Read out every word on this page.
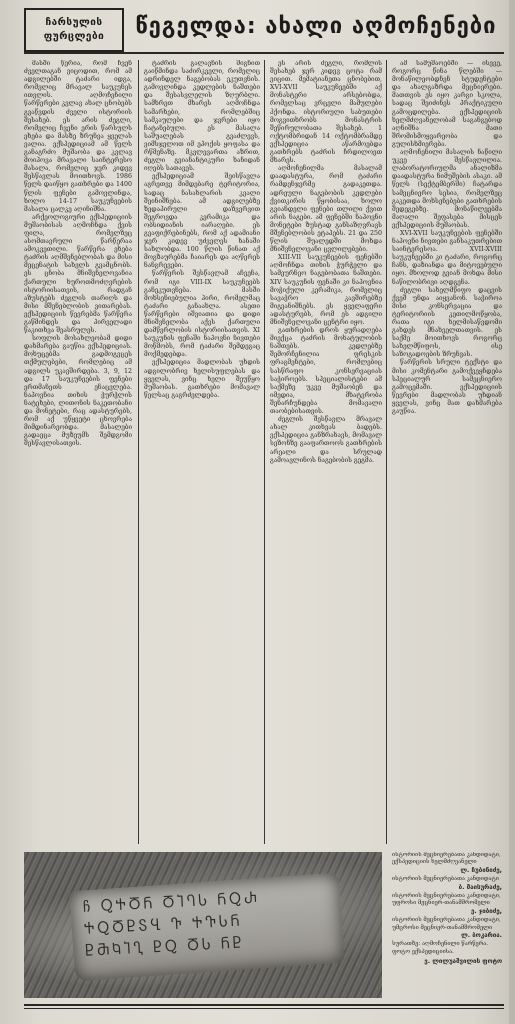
ჩარსულის
ფურცლები წეგელდა: ახალი აღმოჩენები

მასში წერია, რომ ჩვენ ძველთაგან ვიცოდით, რომ ამ ადგილებში ტაძარი იდგა, რომელიც მრავალ საუკუნეს ითვლის. აღმოჩენილი წარწერები კვლავ ახალ ცნობებს გვაწვდის ძველი ისტორიის შესახებ. ეს არის ძეგლი, რომელიც ჩვენი ერის წარსულს ეხება და მასზე ზრუნვა ყველას ვალია. ექსპედიციამ ამ წელს განაგრძო მუშაობა და კვლავ მოიპოვა მრავალი საინტერესო მასალა, რომელიც ჯერ კიდევ შესწავლას მოითხოვს. 1986 წელს დაიწყო გათხრები და 1400 წლის ფენები გამოვლინდა, ხოლო 14-17 საუკუნეების მასალა ცალკე აღინიშნა.

არქეოლოგიური ექსპედიციის მუშაობისას აღმოჩნდა ქვის ფილა, რომელზეც ასომთავრული წარწერაა ამოკვეთილი. წარწერა ეხება ტაძრის აღმშენებლობას და მისი მეცენატის სახელს გვამცნობს. ეს ცნობა მნიშვნელოვანია ქართული ხუროთმოძღვრების ისტორიისათვის, რადგან აზუსტებს ძეგლის თარიღს და მისი მშენებლობის ვითარებას. ექსპედიციის წევრებმა წარწერა გაწმინდეს და პირველადი წაკითხვა შეასრულეს.

სოფლის მოსახლეობამ დიდი დახმარება გაუწია ექსპედიციას. მოხუცებმა გადმოგვცეს თქმულებები, რომლებიც ამ ადგილს უკავშირდება. 3, 9, 12 და 17 საუკუნეების ფენები ერთმანეთს ენაცვლება. ნაპოვნია თიხის ჭურჭლის ნატეხები, ლითონის ნაკეთობანი და მონეტები, რაც ადასტურებს, რომ აქ უწყვეტი ცხოვრება მიმდინარეობდა. მასალები გადაეცა მუზეუმს შემდგომი შესწავლისათვის.

ტაძრის გალავნის შიგნით გაიწმინდა საძირკველი, რომელიც ადრინდელ ნაგებობას ეკუთვნის. გამოვლინდა კედლების ნაშთები და შესასვლელის ზღურბლი. სამხრეთ მხარეს აღმოჩნდა სამარხები, რომლებშიც სამკაულები და ჯვრები იყო ჩატანებული. ეს მასალა საშუალებას გვაძლევს, ვიმსჯელოთ იმ ეპოქის ყოფასა და რწმენაზე. მკვლევართა აზრით, ძეგლი გვიანანტიკური ხანიდან იღებს სათავეს.

ექსპედიციამ შეისწავლა აგრეთვე მიმდებარე ტერიტორია, სადაც ნასახლარის კვალი შეინიშნება. ამ ადგილებზე ზედაპირული დაზვერვით შეგროვდა კერამიკა და ობსიდიანის იარაღები. ეს გვაფიქრებინებს, რომ აქ ადამიანი ჯერ კიდევ უძველეს ხანაში სახლობდა. 100 წლის წინათ აქ მოგზაურებმა ჩაიარეს და აღწერეს ნანგრევები.

წარწერის შესწავლამ აჩვენა, რომ იგი VIII-IX საუკუნეებს განეკუთვნება. მასში მოხსენიებულია პირი, რომელმაც ტაძარი განაახლა. ასეთი წარწერები იშვიათია და დიდი მნიშვნელობა აქვს ქართული დამწერლობის ისტორიისათვის. XI საუკუნის ფენაში ნაპოვნი ნივთები მოწმობს, რომ ტაძარი შემდეგაც მოქმედებდა.

ექსპედიცია მადლობას უხდის ადგილობრივ ხელისუფლებას და ყველას, ვინც ხელი შეუწყო მუშაობას. გათხრები მომავალ წელსაც გაგრძელდება.

ეს არის ძეგლი, რომლის შესახებ ჯერ კიდევ ცოტა რამ ვიცით. მემატიანეთა ცნობებით, XVI-XVII საუკუნეებში აქ მონასტერი არსებობდა, რომელსაც ვრცელი მამულები ჰქონდა. ისტორიული საბუთები მოგვითხრობს მონასტრის შეწირულობათა შესახებ. 1 ოქტომბრიდან 14 ოქტომბრამდე ექსპედიცია აწარმოებდა გათხრებს ტაძრის ჩრდილოეთ მხარეს.

აღმოჩენილმა მასალამ დაადასტურა, რომ ტაძარი რამდენჯერმე გადაკეთდა. ადრეული ნაგებობის კედლები ქვითკირის წყობისაა, ხოლო გვიანდელი ფენები თლილი ქვით არის ნაგები. ამ ფენებში ნაპოვნი მონეტები ზუსტად განსაზღვრავს მშენებლობის ეტაპებს. 21 და 250 წლის შუალედში მოხდა მნიშვნელოვანი ცვლილებები.

XIII-VII საუკუნეების ფენებში აღმოჩნდა თიხის ჭურჭელი და სამეურნეო ნაგებობათა ნაშთები. XIV საუკუნის ფენაში კი ნაპოვნია მოჭიქული კერამიკა, რომელიც სავაჭრო კავშირებზე მიგვანიშნებს. ეს ყველაფერი ადასტურებს, რომ ეს ადგილი მნიშვნელოვანი ცენტრი იყო.

გათხრების დროს ყურადღება მიექცა ტაძრის მოხატულობის ნაშთებს. კედლებზე შემორჩენილია ფრესკის ფრაგმენტები, რომლებიც სასწრაფო კონსერვაციას საჭიროებს. სპეციალისტები ამ საქმეზე უკვე მუშაობენ და იმედია, მხატვრობა შენარჩუნდება მომავალი თაობებისათვის.

ძეგლის შესწავლა მრავალ ახალ კითხვას ბადებს. ექსპედიცია განზრახავს, მომავალ სეზონზე გააფართოოს გათხრების არეალი და სრულად გამოავლინოს ნაგებობის გეგმა.

ამ სამუშაოებში — ისევე, როგორც წინა წლებში — მონაწილეობდნენ სტუდენტები და ახალგაზრდა მეცნიერები. მათთვის ეს იყო კარგი სკოლა, სადაც შეიძინეს პრაქტიკული გამოცდილება. ექსპედიციის ხელმძღვანელობამ საგანგებოდ აღნიშნა მათი შრომისმოყვარეობა და გულისხმიერება.

აღმოჩენილი მასალის ნაწილი უკვე შესწავლილია. ლაბორატორიულმა ანალიზმა დაადასტურა ნიმუშების ასაკი. ამ წელს (სექტემბერში) ჩატარდა სამეცნიერო სესია, რომელზეც გაკეთდა მოხსენებები გათხრების შედეგებზე. მონაწილეებმა მაღალი შეფასება მისცეს ექსპედიციის მუშაობას.

XVI-XVII საუკუნეების ფენებში ნაპოვნი ნივთები განსაკუთრებით საინტერესოა. XVII-XVIII საუკუნეებში კი ტაძარი, როგორც ჩანს, დაზიანდა და მიტოვებული იყო. მხოლოდ გვიან მოხდა მისი ნაწილობრივი აღდგენა.

ძეგლი სახელმწიფო დაცვის ქვეშ უნდა აიყვანონ. საჭიროა მისი კონსერვაცია და ტერიტორიის კეთილმოწყობა, რათა იგი ხელმისაწვდომი გახდეს მნახველთათვის. ეს საქმე მოითხოვს როგორც სახელმწიფოს, ისე საზოგადოების ზრუნვას.

წარწერის სრული ტექსტი და მისი კომენტარი გამოქვეყნდება სპეციალურ სამეცნიერო გამოცემაში. ექსპედიციის წევრები მადლობას უხდიან ყველას, ვინც მათ დახმარება გაუწია.

ჩ ႭႵႣႬ ႣႨႤႱ ႬႭႰ
ႵႭႣႲႽႡ Ⴅ ႵႥႱႬ
ႲႫႩႨႢ ႲႭ ႣႱ ႬႲ
ისტორიის მეცნიერებათა კანდიდატი, ექსპედიციის ხელმძღვანელი
ლ. ჩუბინიძე,
ისტორიის მეცნიერებათა კანდიდატი
ბ. მაისურაძე,
ისტორიის მეცნიერებათა კანდიდატი, უფროსი მეცნიერ-თანამშრომელი
ე. ჯიბიძე,
ისტორიის მეცნიერებათა კანდიდატი, უმცროსი მეცნიერ-თანამშრომელი
ლ. ბოკარია.
სურათზე: აღმოჩენილი წარწერა. ფოტო ექსპედიციისა.
ვ. ლილუაშვილის ფოტო
